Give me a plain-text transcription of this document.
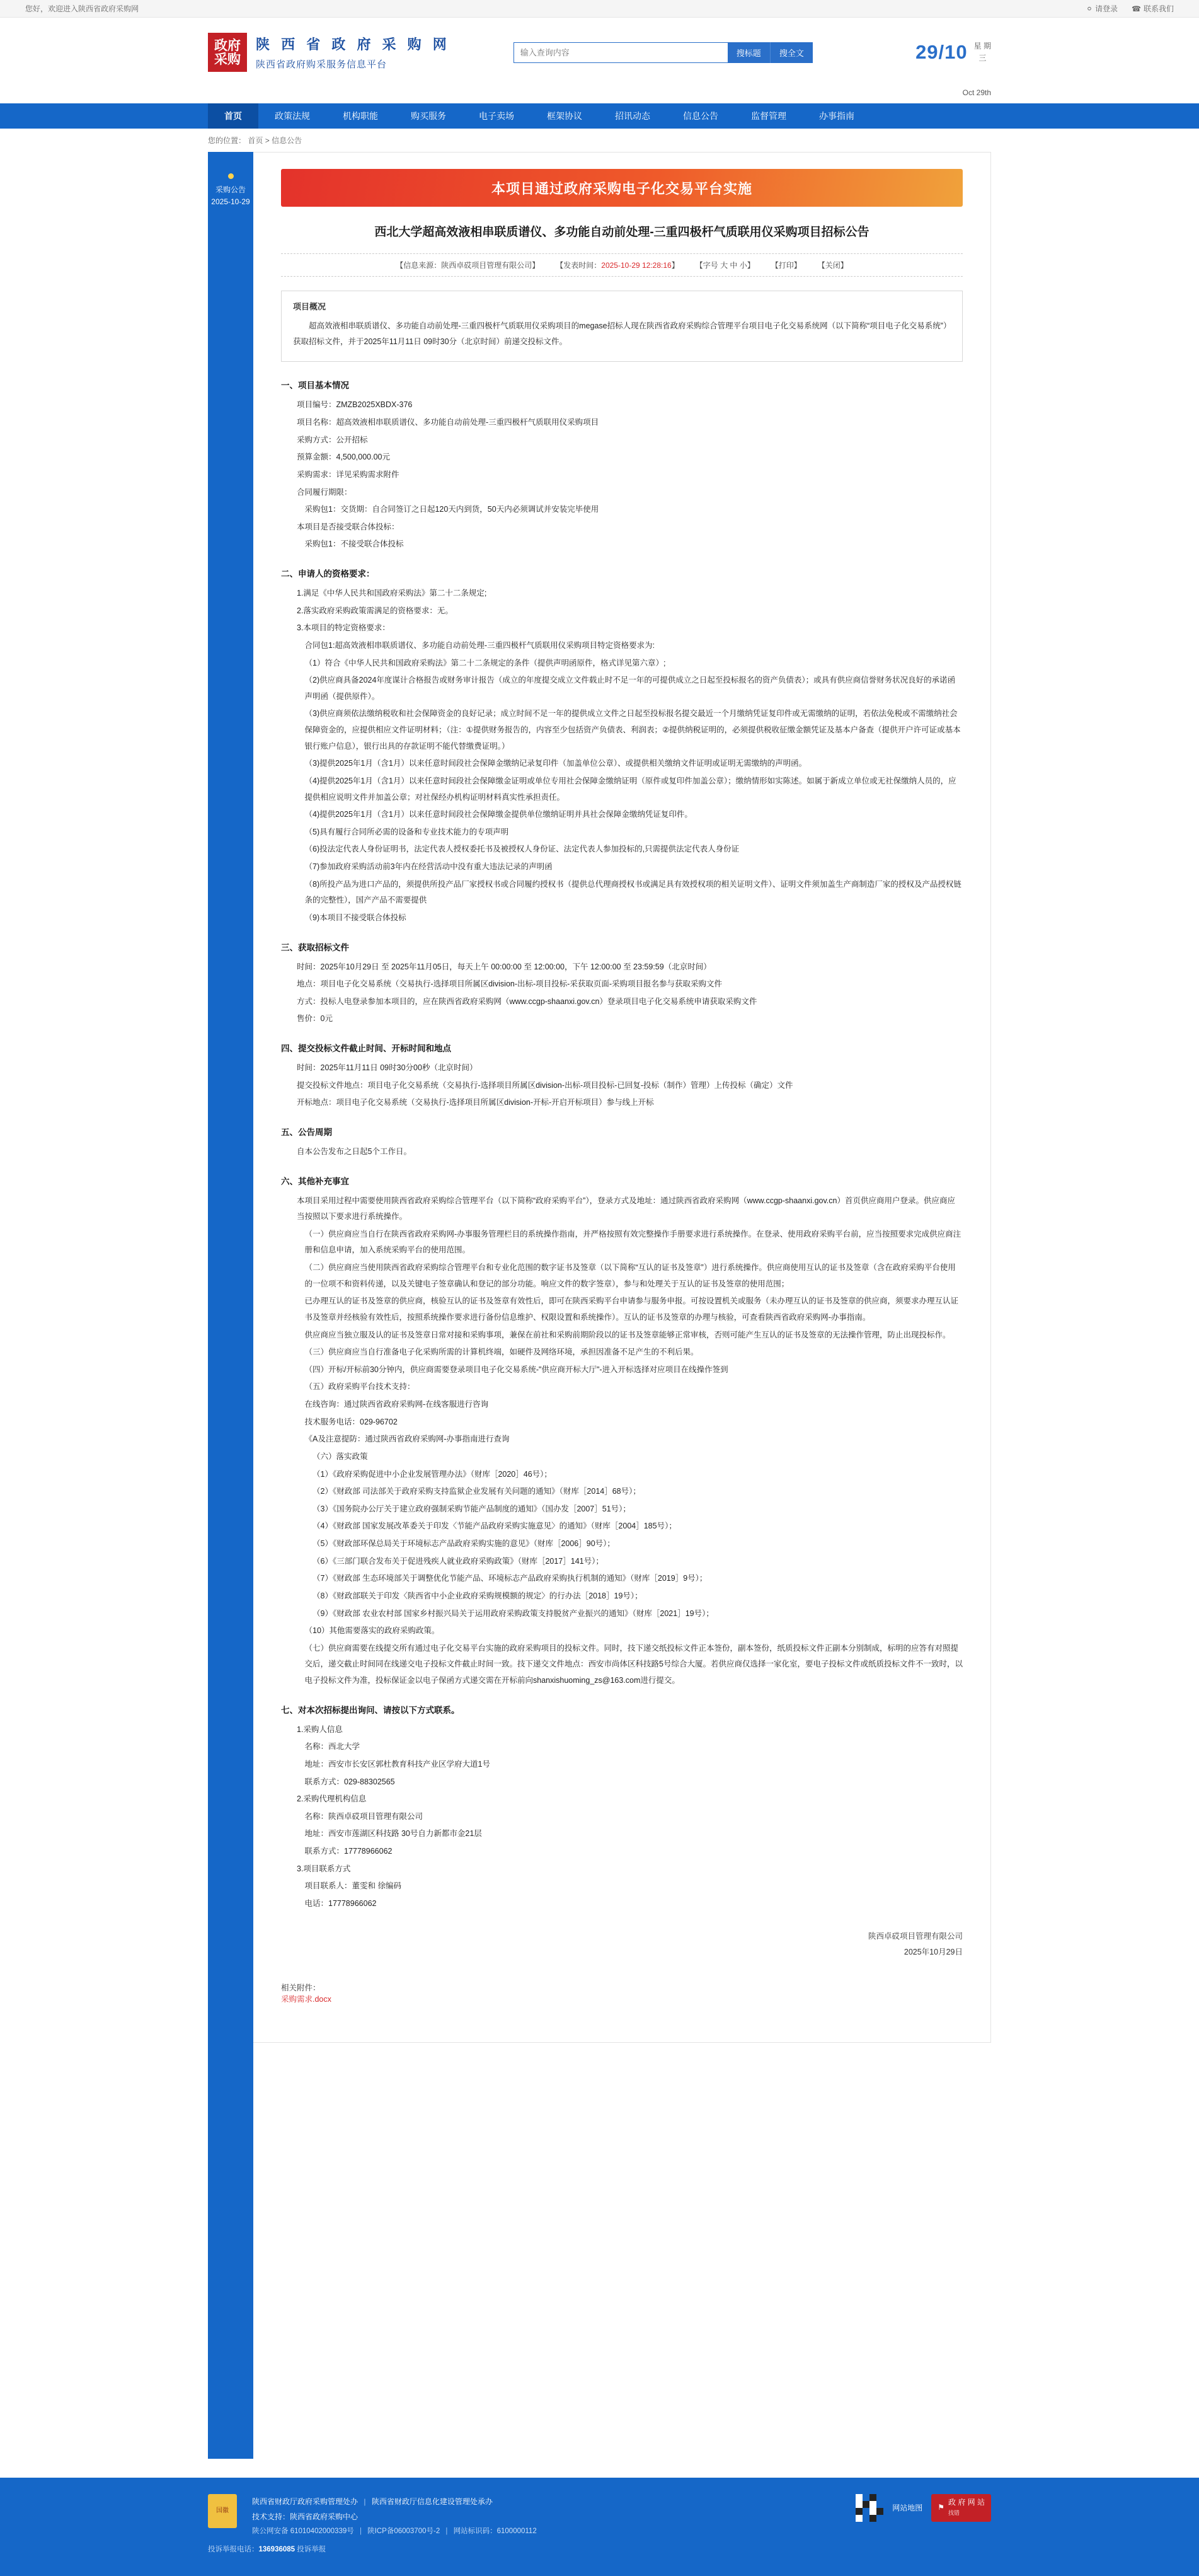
您好，欢迎进入陕西省政府采购网	⚪ 请登录 ☎ 联系我们
政府
采购
陕 西 省 政 府 采 购 网
陕西省政府购采服务信息平台
输入查询内容
搜标题	搜全文	29/10 星 期
三
Oct 29th
首页	政策法规	机构职能	购买服务	电子卖场	框架协议	招讯动态	信息公告	监督管理	办事指南
您的位置： 首页 > 信息公告
采购公告
2025-10-29
本项目通过政府采购电子化交易平台实施
西北大学超高效液相串联质谱仪、多功能自动前处理-三重四极杆气质联用仪采购项目招标公告
【信息来源：陕西卓砹项目管理有限公司】 【发表时间：2025-10-29 12:28:16】 【字号 大 中 小】 【打印】 【关闭】
项目概况

超高效液相串联质谱仪、多功能自动前处理-三重四极杆气质联用仪采购项目的megase招标人现在陕西省政府采购综合管理平台项目电子化交易系统网（以下简称“项目电子化交易系统”）获取招标文件，并于2025年11月11日 09时30分（北京时间）前递交投标文件。

一、项目基本情况

项目编号：ZMZB2025XBDX-376

项目名称：超高效液相串联质谱仪、多功能自动前处理-三重四极杆气质联用仪采购项目

采购方式：公开招标

预算金额：4,500,000.00元

采购需求：详见采购需求附件

合同履行期限：

采购包1：交货期：自合同签订之日起120天内到货，50天内必须调试并安装完毕使用

本项目是否接受联合体投标：

采购包1：不接受联合体投标

二、申请人的资格要求：

1.满足《中华人民共和国政府采购法》第二十二条规定;

2.落实政府采购政策需满足的资格要求：无。

3.本项目的特定资格要求：

合同包1:超高效液相串联质谱仪、多功能自动前处理-三重四极杆气质联用仪采购项目特定资格要求为:

（1）符合《中华人民共和国政府采购法》第二十二条规定的条件（提供声明函原件，格式详见第六章）;

（2)供应商具备2024年度谋计合格报告或财务审计报告（成立的年度提交成立文件载止时不足一年的可提供成立之日起至投标报名的资产负债表）；或具有供应商信誉财务状况良好的承诺函声明函（提供原件）。

（3)供应商须依法缴纳税收和社会保障资金的良好记录；成立时间不足一年的提供成立文件之日起至投标报名提交最近一个月缴纳凭证复印件或无需缴纳的证明，若依法免税或不需缴纳社会保障资金的，应提供相应文件证明材料；（注：①提供财务报告的，内容至少包括资产负债表、利润表；②提供纳税证明的，必须提供税收征缴金额凭证及基本户备查（提供开户许可证或基本银行账户信息），银行出具的存款证明不能代替缴费证明。）

（3)提供2025年1月（含1月）以来任意时间段社会保障金缴纳记录复印件（加盖单位公章）、或提供相关缴纳文件证明或证明无需缴纳的声明函。

（4)提供2025年1月（含1月）以来任意时间段社会保障缴金证明或单位专用社会保障金缴纳证明（原件或复印件加盖公章）；缴纳情形如实陈述。如属于新成立单位或无社保缴纳人员的，应提供相应说明文件并加盖公章；对社保经办机构证明材料真实性承担责任。

（4)提供2025年1月（含1月）以来任意时间段社会保障缴金提供单位缴纳证明并具社会保障金缴纳凭证复印件。

（5)具有履行合同所必需的设备和专业技术能力的专项声明

（6)投法定代表人身份证明书，法定代表人授权委托书及被授权人身份证、法定代表人参加投标的,只需提供法定代表人身份证

（7)参加政府采购活动前3年内在经营活动中没有重大违法记录的声明函

（8)所投产品为进口产品的，须提供所投产品厂家授权书或合同履约授权书（提供总代理商授权书或满足具有效授权项的相关证明文件）、证明文件须加盖生产商制造厂家的授权及产品授权链条的完整性），国产产品不需要提供

（9)本项目不接受联合体投标

三、获取招标文件

时间：2025年10月29日 至 2025年11月05日，每天上午 00:00:00 至 12:00:00，下午 12:00:00 至 23:59:59（北京时间）

地点：项目电子化交易系统（交易执行-选择项目所属区division-出标-项目投标-采获取页面-采购项目报名参与获取采购文件

方式：投标人电登录参加本项目的，应在陕西省政府采购网（www.ccgp-shaanxi.gov.cn）登录项目电子化交易系统申请获取采购文件

售价：0元

四、提交投标文件截止时间、开标时间和地点

时间：2025年11月11日 09时30分00秒（北京时间）

提交投标文件地点：项目电子化交易系统（交易执行-选择项目所属区division-出标-项目投标-已回复-投标（制作）管理）上传投标（确定）文件

开标地点：项目电子化交易系统（交易执行-选择项目所属区division-开标-开启开标项目）参与线上开标

五、公告周期

自本公告发布之日起5个工作日。

六、其他补充事宜

本项目采用过程中需要使用陕西省政府采购综合管理平台（以下简称“政府采购平台”），登录方式及地址：通过陕西省政府采购网（www.ccgp-shaanxi.gov.cn）首页供应商用户登录。供应商应当按照以下要求进行系统操作。

（一）供应商应当自行在陕西省政府采购网-办事服务管理栏目的系统操作指南，并严格按照有效完整操作手册要求进行系统操作。在登录、使用政府采购平台前，应当按照要求完成供应商注册和信息申请，加入系统采购平台的使用范围。

（二）供应商应当使用陕西省政府采购综合管理平台和专业化范围的数字证书及签章（以下简称“互认的证书及签章”）进行系统操作。供应商使用互认的证书及签章（含在政府采购平台使用的一位项不和资料传递，以及关键电子签章确认和登记的部分功能。响应文件的数字签章），参与和处理关于互认的证书及签章的使用范围；

已办理互认的证书及签章的供应商，核验互认的证书及签章有效性后，即可在陕西采购平台申请参与服务申报。可按设置机关或服务（未办理互认的证书及签章的供应商，须要求办理互认证书及签章并经核验有效性后，按照系统操作要求进行备份信息维护、权限设置和系统操作）。互认的证书及签章的办理与核验，可查看陕西省政府采购网-办事指南。

供应商应当独立服及认的证书及签章日常对接和采购事项，兼保在前社和采购前期阶段以的证书及签章能够正常审核，否则可能产生互认的证书及签章的无法操作管理，防止出现投标作。

（三）供应商应当自行准备电子化采购所需的计算机终端，如硬件及网络环境，承担因准备不足产生的不利后果。

（四）开标/开标前30分钟内，供应商需要登录项目电子化交易系统-"供应商开标大厅"-进入开标选择对应项目在线操作签到

（五）政府采购平台技术支持：

在线咨询：通过陕西省政府采购网-在线客服进行咨询

技术服务电话：029-96702

《A及注意提防：通过陕西省政府采购网-办事指南进行查询

（六）落实政策

（1）《政府采购促进中小企业发展管理办法》（财库［2020］46号）；

（2）《财政部 司法部关于政府采购支持监狱企业发展有关问题的通知》（财库［2014］68号）；

（3）《国务院办公厅关于建立政府强制采购节能产品制度的通知》（国办发［2007］51号）；

（4）《财政部 国家发展改革委关于印发〈节能产品政府采购实施意见〉的通知》（财库［2004］185号）；

（5）《财政部环保总局关于环境标志产品政府采购实施的意见》（财库［2006］90号）；

（6）《三部门联合发布关于促进残疾人就业政府采购政策》（财库［2017］141号）；

（7）《财政部 生态环境部关于调整优化节能产品、环境标志产品政府采购执行机制的通知》（财库［2019］9号）；

（8）《财政部联关于印发〈陕西省中小企业政府采购规模额的规定〉的行办法［2018］19号）；

（9）《财政部 农业农村部 国家乡村振兴局关于运用政府采购政策支持脱贫产业振兴的通知》（财库［2021］19号）；

（10）其他需要落实的政府采购政策。

（七）供应商需要在线提交所有通过电子化交易平台实施的政府采购项目的投标文件。同时，技下递交纸投标文件正本签份，副本签份，纸质投标文件正副本分别制成，标明的应答有对照提交后，递交截止时间同在线递交电子投标文件截止时间一致。技下递交文件地点：西安市尚体区科技路5号综合大厦。若供应商仅选择一家化室，要电子投标文件或纸质投标文件不一致时，以电子投标文件为准，投标保证金以电子保函方式递交需在开标前向shanxishuoming_zs@163.com进行提交。

七、对本次招标提出询问、请按以下方式联系。

1.采购人信息

名称：西北大学

地址：西安市长安区郭杜教育科技产业区学府大道1号

联系方式：029-88302565

2.采购代理机构信息

名称：陕西卓砹项目管理有限公司

地址：西安市莲湖区科技路 30号自力新都市金21层

联系方式：17778966062

3.项目联系方式

项目联系人：董雯和 徐编码

电话：17778966062

陕西卓砹项目管理有限公司
2025年10月29日
相关附件：
采购需求.docx
国徽
陕西省财政厅政府采购管理处办 | 陕西省财政厅信息化建设管理处承办
技术支持：陕西省政府采购中心
陕公网安备 61010402000339号 | 陕ICP备06003700号-2 | 网站标识码：6100000112
网站地图 ⚑
政 府 网 站
找错
投诉举报电话：136936085 投诉举报
